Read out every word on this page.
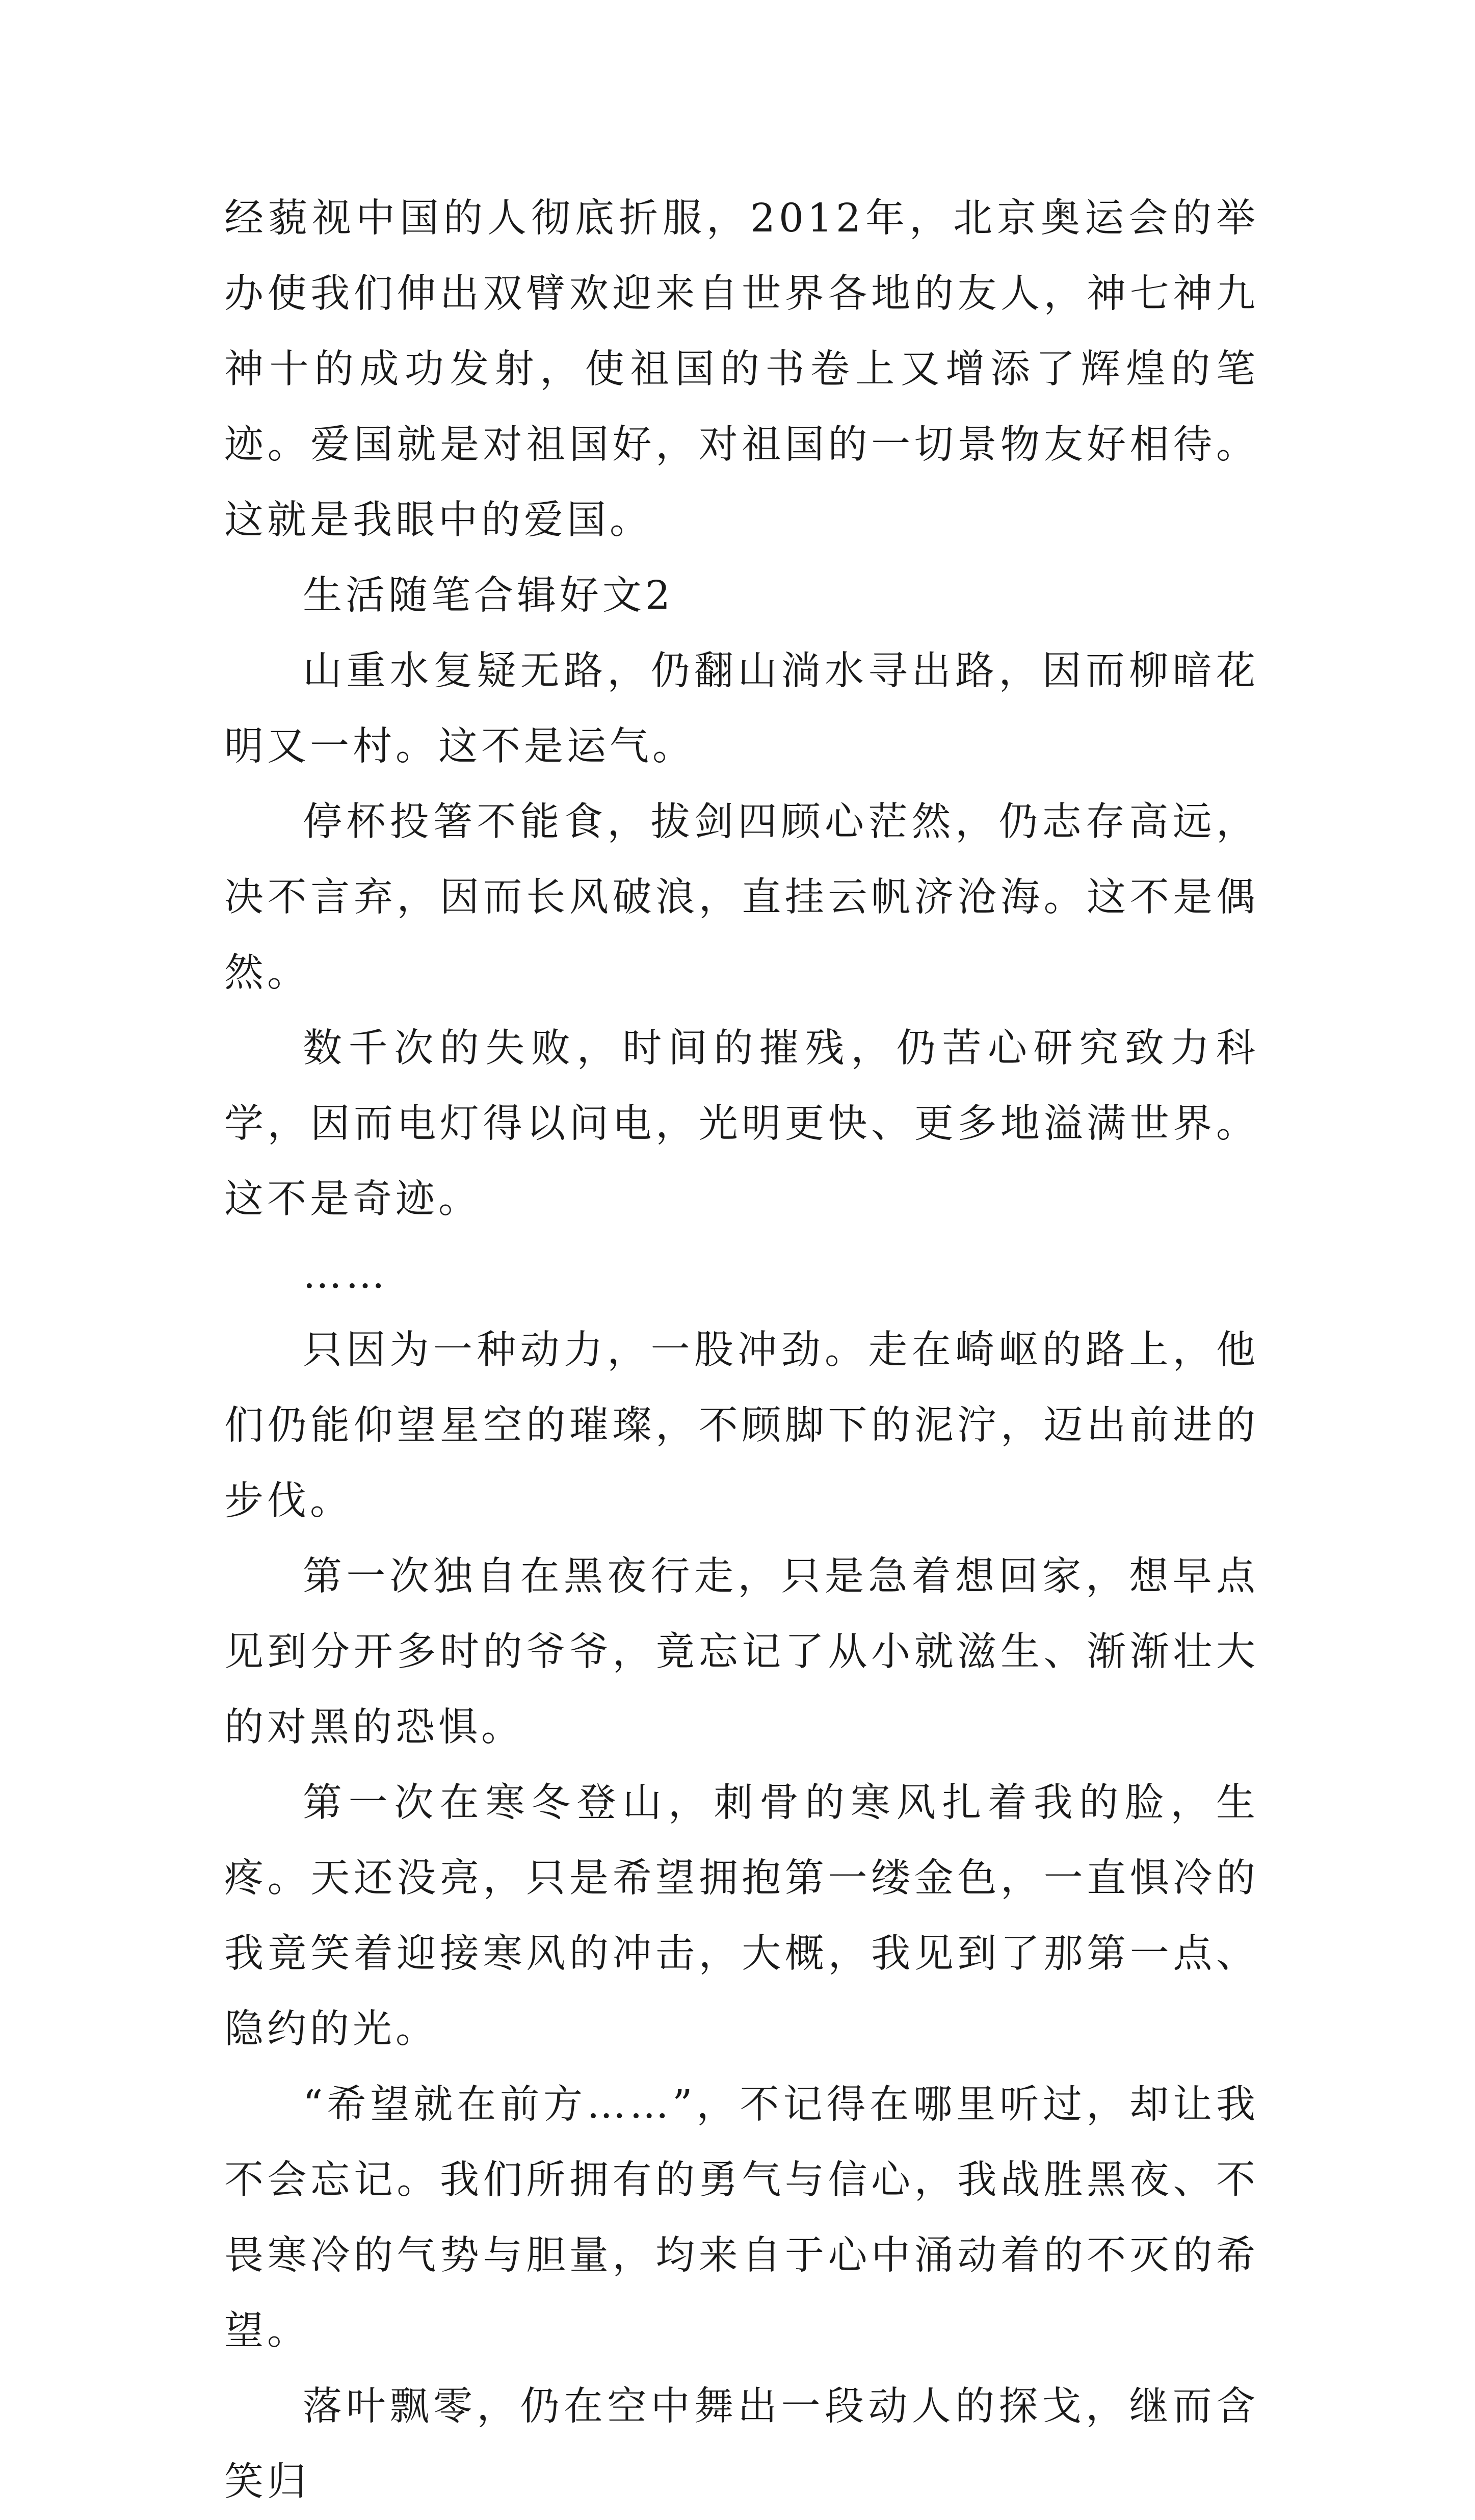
经藐视中国的人彻底折服，2012年，北京奥运会的举办使我们伸出双臂欢迎来自世界各地的友人，神七神九神十的成功发射，使祖国的书卷上又增添了辉煌的笔迹。爱国就是对祖国好，对祖国的一切景物友好相待。这就是我眼中的爱国。

生活随笔合辑好文2

山重水复疑无路，仍翻山淌水寻出路，因而柳暗花明又一村。这不是运气。

停杯投箸不能食，拔剑四顾心茫然，仍志存高远，决不言弃，因而长风破浪，直挂云帆济沧海。这不是偶然。

数千次的失败，时间的摧残，仍苦心研究致力科学，因而电灯得以问电，光明更快、更多地溢满世界。这不是奇迹。

……

只因为一种动力，一股冲劲。走在崎岖的路上，他们仍能仰望星空的璀璨，不顾脚下的泥泞，迈出前进的步伐。

第一次独自在黑夜行走，只是急着想回家，想早点见到分开多时的爷爷，竟忘记了从小就滋生、渐渐壮大的对黑的恐惧。

第一次在寒冬登山，刺骨的寒风扎着我的脸，生疼。天还没亮，只是希望拥抱第一缕金色，一直惧冷的我竟笑着迎接寒风的冲击，大概，我见到了那第一点、隐约的光。

“希望就在前方……”，不记得在哪里听过，却让我不会忘记。我们所拥有的勇气与信心，我战胜黑夜、不畏寒冷的气势与胆量，均来自于心中涌动着的不灭的希望。

落叶飘零，仍在空中舞出一段动人的探戈，继而含笑归
